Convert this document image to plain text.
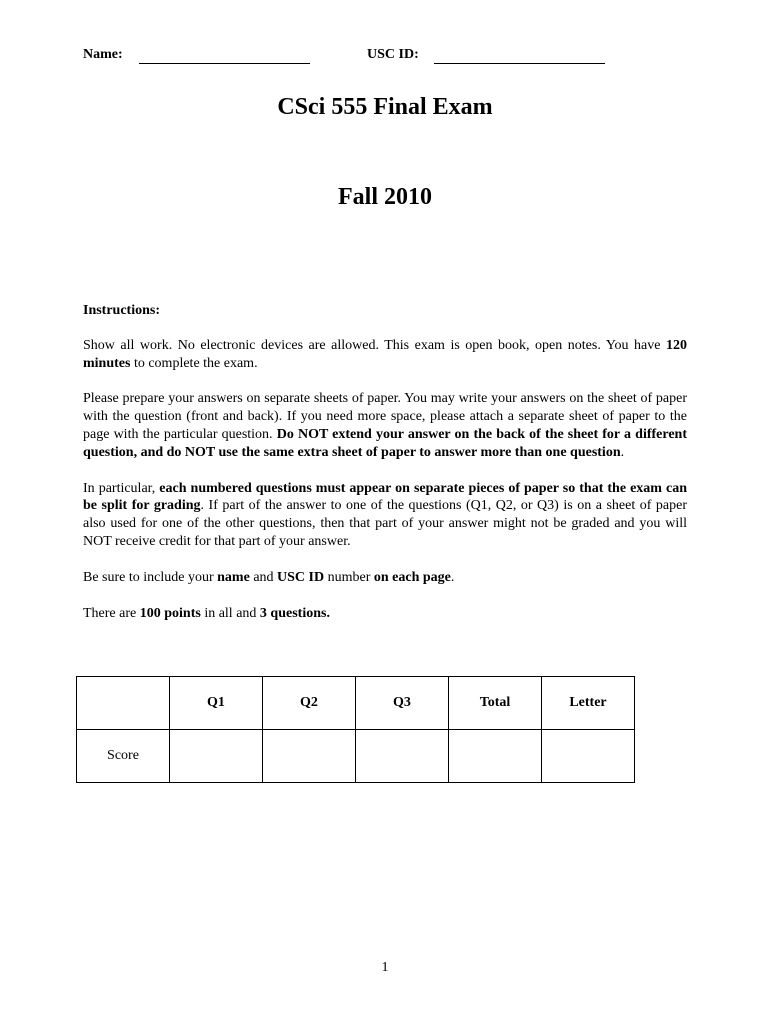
Name:	USC ID:
CSci 555 Final Exam
Fall 2010
Instructions:

Show all work. No electronic devices are allowed. This exam is open book, open notes. You have 120 minutes to complete the exam.

Please prepare your answers on separate sheets of paper. You may write your answers on the sheet of paper with the question (front and back). If you need more space, please attach a separate sheet of paper to the page with the particular question. Do NOT extend your answer on the back of the sheet for a different question, and do NOT use the same extra sheet of paper to answer more than one question.

In particular, each numbered questions must appear on separate pieces of paper so that the exam can be split for grading. If part of the answer to one of the questions (Q1, Q2, or Q3) is on a sheet of paper also used for one of the other questions, then that part of your answer might not be graded and you will NOT receive credit for that part of your answer.

Be sure to include your name and USC ID number on each page.

There are 100 points in all and 3 questions.

	Q1	Q2	Q3	Total	Letter
Score					
1
